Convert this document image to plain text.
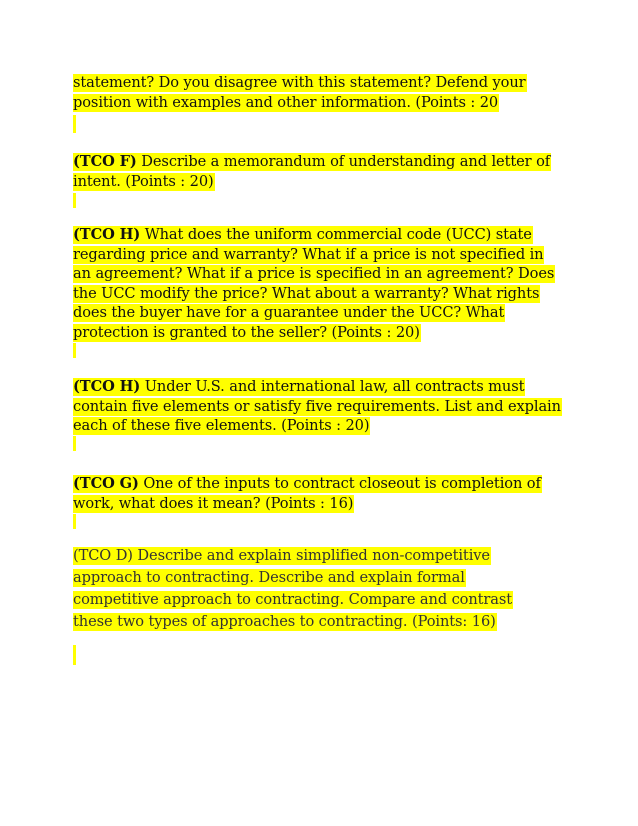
statement? Do you disagree with this statement? Defend your
position with examples and other information. (Points : 20
(TCO F) Describe a memorandum of understanding and letter of
intent. (Points : 20)
(TCO H) What does the uniform commercial code (UCC) state
regarding price and warranty? What if a price is not specified in
an agreement? What if a price is specified in an agreement? Does
the UCC modify the price? What about a warranty? What rights
does the buyer have for a guarantee under the UCC? What
protection is granted to the seller? (Points : 20)
(TCO H) Under U.S. and international law, all contracts must
contain five elements or satisfy five requirements. List and explain
each of these five elements. (Points : 20)
(TCO G) One of the inputs to contract closeout is completion of
work, what does it mean? (Points : 16)
(TCO D) Describe and explain simplified non-competitive
approach to contracting. Describe and explain formal
competitive approach to contracting. Compare and contrast
these two types of approaches to contracting. (Points: 16)
